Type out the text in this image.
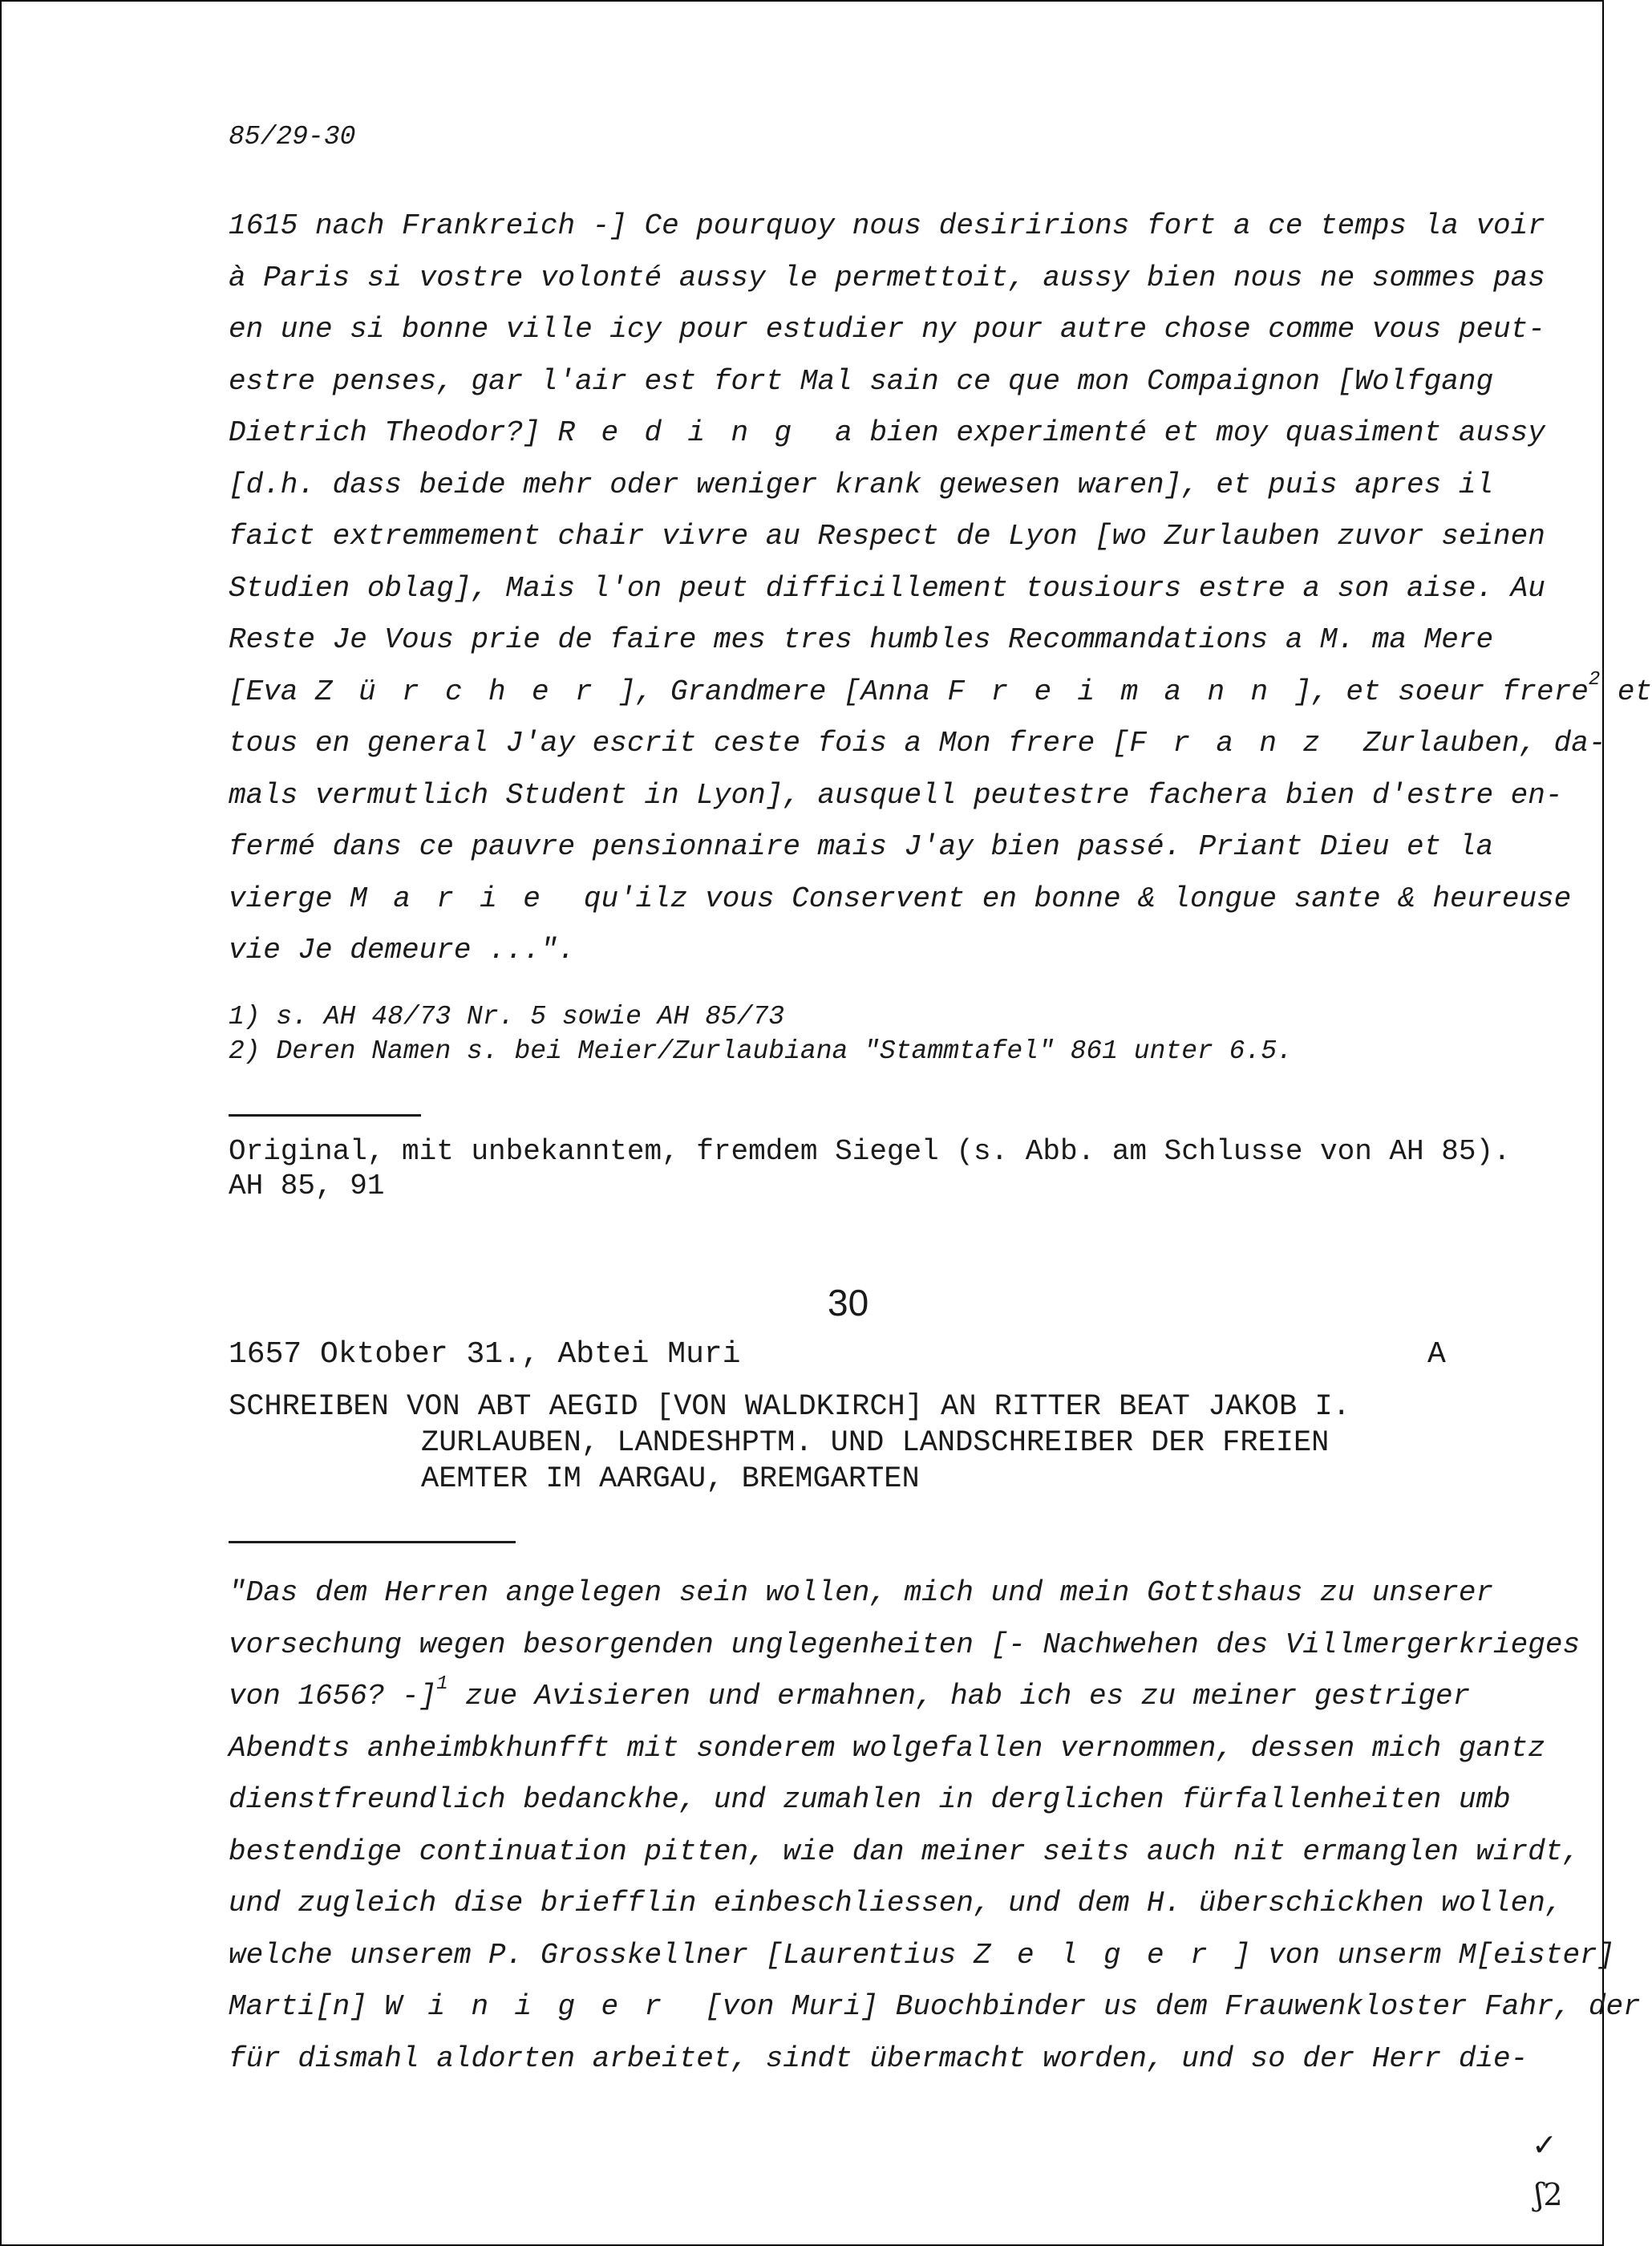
85/29-30
1615 nach Frankreich -] Ce pourquoy nous desiririons fort a ce temps la voir
à Paris si vostre volonté aussy le permettoit, aussy bien nous ne sommes pas
en une si bonne ville icy pour estudier ny pour autre chose comme vous peut-
estre penses, gar l'air est fort Mal sain ce que mon Compaignon [Wolfgang
Dietrich Theodor?] Reding a bien experimenté et moy quasiment aussy
[d.h. dass beide mehr oder weniger krank gewesen waren], et puis apres il
faict extremmement chair vivre au Respect de Lyon [wo Zurlauben zuvor seinen
Studien oblag], Mais l'on peut difficillement tousiours estre a son aise. Au
Reste Je Vous prie de faire mes tres humbles Recommandations a M. ma Mere
[Eva Zürcher], Grandmere [Anna Freimann], et soeur frere$^2$ et
tous en general J'ay escrit ceste fois a Mon frere [Franz Zurlauben, da-
mals vermutlich Student in Lyon], ausquell peutestre fachera bien d'estre en-
fermé dans ce pauvre pensionnaire mais J'ay bien passé. Priant Dieu et la
vierge Marie qu'ilz vous Conservent en bonne & longue sante & heureuse
vie Je demeure ...".
1) s. AH 48/73 Nr. 5 sowie AH 85/73
2) Deren Namen s. bei Meier/Zurlaubiana "Stammtafel" 861 unter 6.5.
Original, mit unbekanntem, fremdem Siegel (s. Abb. am Schlusse von AH 85).
AH 85, 91
30
1657 Oktober 31., Abtei Muri	A
SCHREIBEN VON ABT AEGID [VON WALDKIRCH] AN RITTER BEAT JAKOB I.
ZURLAUBEN, LANDESHPTM. UND LANDSCHREIBER DER FREIEN
AEMTER IM AARGAU, BREMGARTEN
"Das dem Herren angelegen sein wollen, mich und mein Gottshaus zu unserer
vorsechung wegen besorgenden unglegenheiten [- Nachwehen des Villmergerkrieges
von 1656? -]$^1$ zue Avisieren und ermahnen, hab ich es zu meiner gestriger
Abendts anheimbkhunfft mit sonderem wolgefallen vernommen, dessen mich gantz
dienstfreundlich bedanckhe, und zumahlen in derglichen fürfallenheiten umb
bestendige continuation pitten, wie dan meiner seits auch nit ermanglen wirdt,
und zugleich dise briefflin einbeschliessen, und dem H. überschickhen wollen,
welche unserem P. Grosskellner [Laurentius Zelger] von unserm M[eister]
Marti[n] Winiger [von Muri] Buochbinder us dem Frauwenkloster Fahr, der
für dismahl aldorten arbeitet, sindt übermacht worden, und so der Herr die-
✓
ʃ2
